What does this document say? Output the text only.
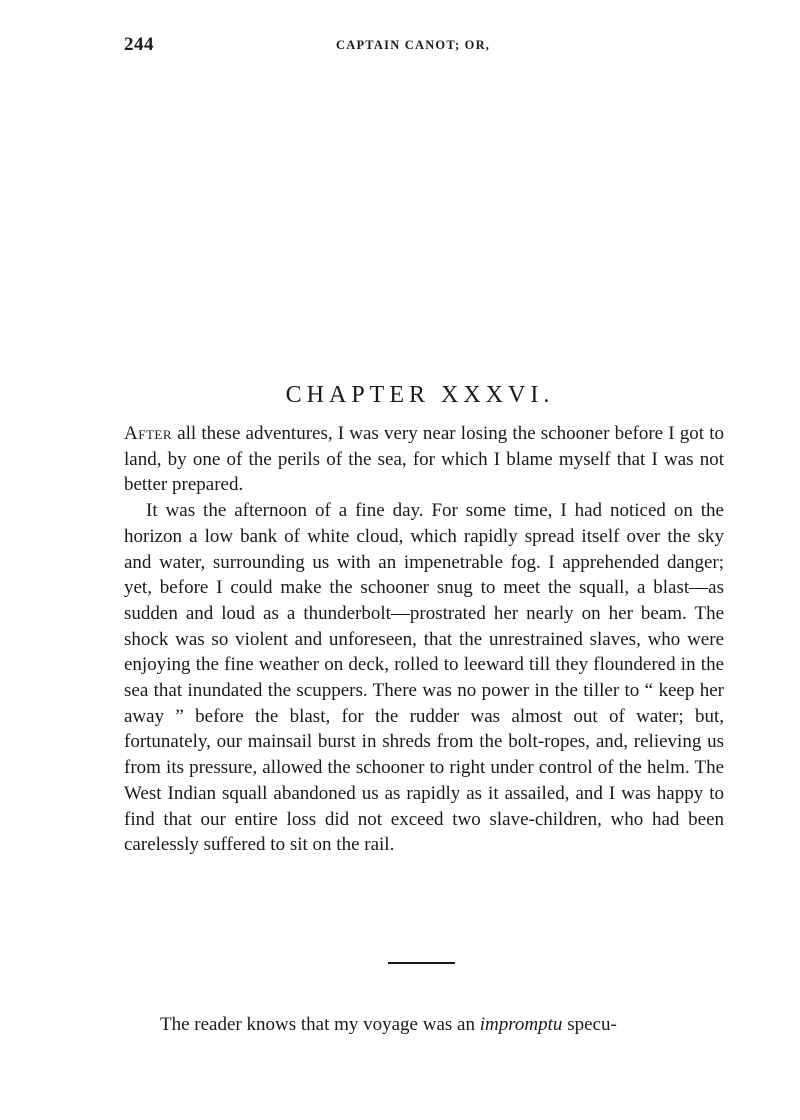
244	CAPTAIN CANOT; OR,
CHAPTER XXXVI.

After all these adventures, I was very near losing the schooner before I got to land, by one of the perils of the sea, for which I blame myself that I was not better prepared.

It was the afternoon of a fine day. For some time, I had noticed on the horizon a low bank of white cloud, which rapidly spread itself over the sky and water, surrounding us with an impenetrable fog. I apprehended danger; yet, before I could make the schooner snug to meet the squall, a blast—as sudden and loud as a thunderbolt—prostrated her nearly on her beam. The shock was so violent and unforeseen, that the unrestrained slaves, who were enjoying the fine weather on deck, rolled to leeward till they floundered in the sea that inundated the scuppers. There was no power in the tiller to “ keep her away ” before the blast, for the rudder was almost out of water; but, fortunately, our mainsail burst in shreds from the bolt-ropes, and, relieving us from its pressure, allowed the schooner to right under control of the helm. The West Indian squall abandoned us as rapidly as it assailed, and I was happy to find that our entire loss did not exceed two slave-children, who had been carelessly suffered to sit on the rail.

The reader knows that my voyage was an impromptu specu-
